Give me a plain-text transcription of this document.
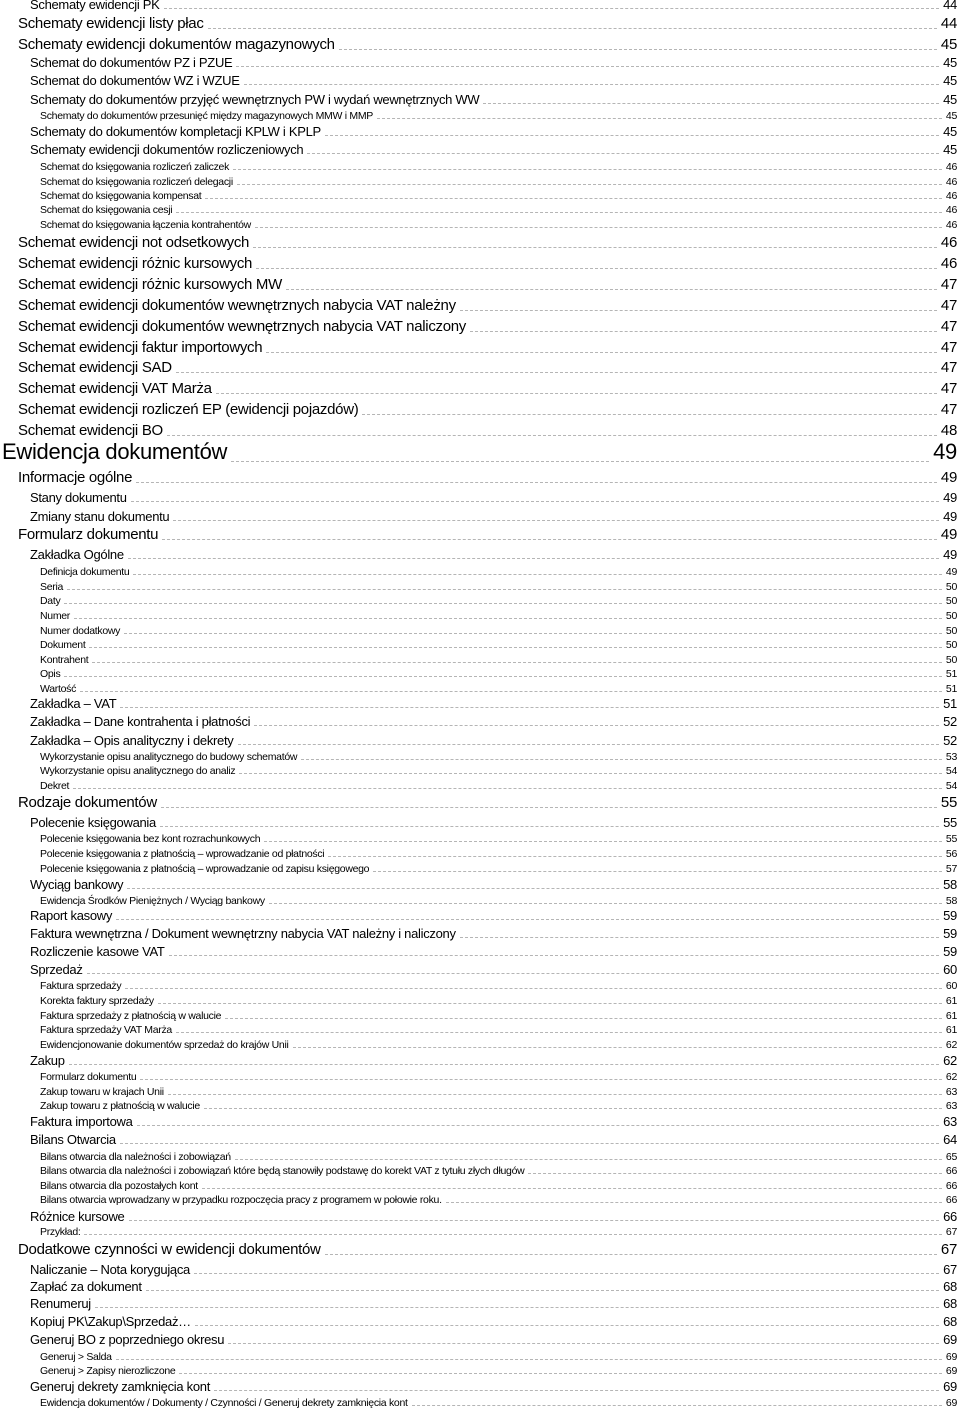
Schematy ewidencji PK	44
Schematy ewidencji listy płac	44
Schematy ewidencji dokumentów magazynowych	45
Schemat do dokumentów PZ i PZUE	45
Schemat do dokumentów WZ i WZUE	45
Schematy do dokumentów przyjęć wewnętrznych PW i wydań wewnętrznych WW	45
Schematy do dokumentów przesunięć między magazynowych MMW i MMP	45
Schematy do dokumentów kompletacji KPLW i KPLP	45
Schematy ewidencji dokumentów rozliczeniowych	45
Schemat do księgowania rozliczeń zaliczek	46
Schemat do księgowania rozliczeń delegacji	46
Schemat do księgowania kompensat	46
Schemat do księgowania cesji	46
Schemat do księgowania łączenia kontrahentów	46
Schemat ewidencji not odsetkowych	46
Schemat ewidencji różnic kursowych	46
Schemat ewidencji różnic kursowych MW	47
Schemat ewidencji dokumentów wewnętrznych nabycia VAT należny	47
Schemat ewidencji dokumentów wewnętrznych nabycia VAT naliczony	47
Schemat ewidencji faktur importowych	47
Schemat ewidencji SAD	47
Schemat ewidencji VAT Marża	47
Schemat ewidencji rozliczeń EP (ewidencji pojazdów)	47
Schemat ewidencji BO	48
Ewidencja dokumentów	49
Informacje ogólne	49
Stany dokumentu	49
Zmiany stanu dokumentu	49
Formularz dokumentu	49
Zakładka Ogólne	49
Definicja dokumentu	49
Seria	50
Daty	50
Numer	50
Numer dodatkowy	50
Dokument	50
Kontrahent	50
Opis	51
Wartość	51
Zakładka – VAT	51
Zakładka – Dane kontrahenta i płatności	52
Zakładka – Opis analityczny i dekrety	52
Wykorzystanie opisu analitycznego do budowy schematów	53
Wykorzystanie opisu analitycznego do analiz	54
Dekret	54
Rodzaje dokumentów	55
Polecenie księgowania	55
Polecenie księgowania bez kont rozrachunkowych	55
Polecenie księgowania z płatnością – wprowadzanie od płatności	56
Polecenie księgowania z płatnością – wprowadzanie od zapisu księgowego	57
Wyciąg bankowy	58
Ewidencja Środków Pieniężnych / Wyciąg bankowy	58
Raport kasowy	59
Faktura wewnętrzna / Dokument wewnętrzny nabycia VAT należny i naliczony	59
Rozliczenie kasowe VAT	59
Sprzedaż	60
Faktura sprzedaży	60
Korekta faktury sprzedaży	61
Faktura sprzedaży z płatnością w walucie	61
Faktura sprzedaży VAT Marża	61
Ewidencjonowanie dokumentów sprzedaż do krajów Unii	62
Zakup	62
Formularz dokumentu	62
Zakup towaru w krajach Unii	63
Zakup towaru z płatnością w walucie	63
Faktura importowa	63
Bilans Otwarcia	64
Bilans otwarcia dla należności i zobowiązań	65
Bilans otwarcia dla należności i zobowiązań które będą stanowiły podstawę do korekt VAT z tytułu złych długów	66
Bilans otwarcia dla pozostałych kont	66
Bilans otwarcia wprowadzany w przypadku rozpoczęcia pracy z programem w połowie roku.	66
Różnice kursowe	66
Przykład:	67
Dodatkowe czynności w ewidencji dokumentów	67
Naliczanie – Nota korygująca	67
Zapłać za dokument	68
Renumeruj	68
Kopiuj PK\Zakup\Sprzedaż…	68
Generuj BO z poprzedniego okresu	69
Generuj > Salda	69
Generuj > Zapisy nierozliczone	69
Generuj dekrety zamknięcia kont	69
Ewidencja dokumentów / Dokumenty / Czynności / Generuj dekrety zamknięcia kont	69
